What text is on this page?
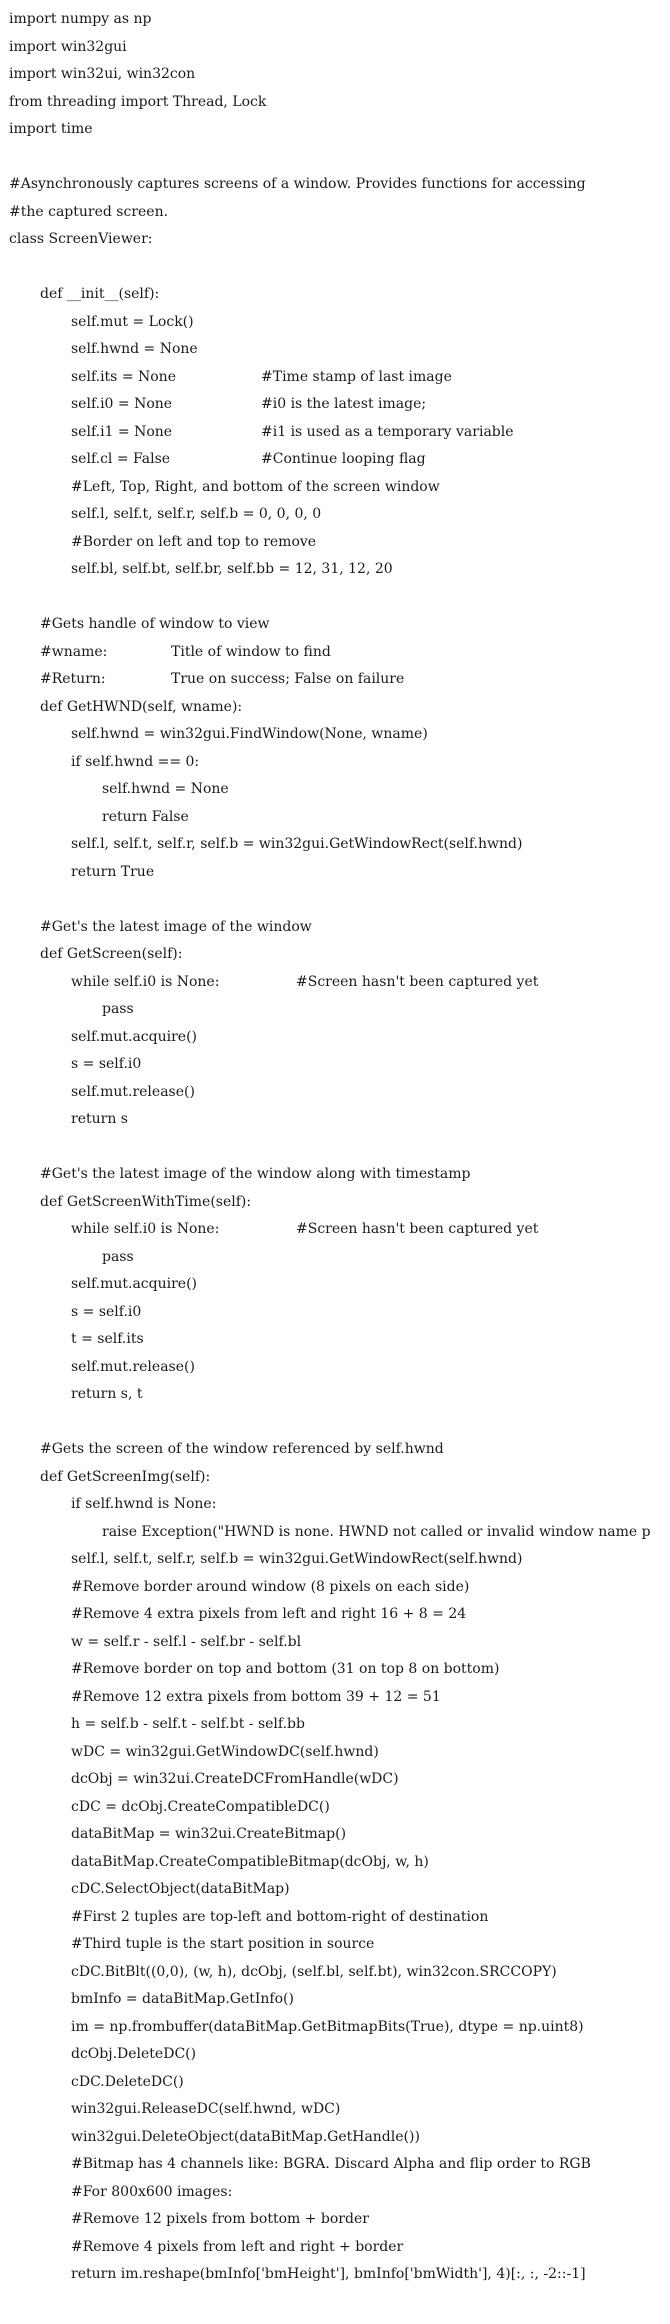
import numpy as np
import win32gui
import win32ui, win32con
from threading import Thread, Lock
import time
#Asynchronously captures screens of a window. Provides functions for accessing
#the captured screen.
class ScreenViewer:
def __init__(self):
self.mut = Lock()
self.hwnd = None
self.its = None	#Time stamp of last image
self.i0 = None	#i0 is the latest image;
self.i1 = None	#i1 is used as a temporary variable
self.cl = False	#Continue looping flag
#Left, Top, Right, and bottom of the screen window
self.l, self.t, self.r, self.b = 0, 0, 0, 0
#Border on left and top to remove
self.bl, self.bt, self.br, self.bb = 12, 31, 12, 20
#Gets handle of window to view
#wname:	Title of window to find
#Return:	True on success; False on failure
def GetHWND(self, wname):
self.hwnd = win32gui.FindWindow(None, wname)
if self.hwnd == 0:
self.hwnd = None
return False
self.l, self.t, self.r, self.b = win32gui.GetWindowRect(self.hwnd)
return True
#Get's the latest image of the window
def GetScreen(self):
while self.i0 is None:	#Screen hasn't been captured yet
pass
self.mut.acquire()
s = self.i0
self.mut.release()
return s
#Get's the latest image of the window along with timestamp
def GetScreenWithTime(self):
while self.i0 is None:	#Screen hasn't been captured yet
pass
self.mut.acquire()
s = self.i0
t = self.its
self.mut.release()
return s, t
#Gets the screen of the window referenced by self.hwnd
def GetScreenImg(self):
if self.hwnd is None:
raise Exception("HWND is none. HWND not called or invalid window name p
self.l, self.t, self.r, self.b = win32gui.GetWindowRect(self.hwnd)
#Remove border around window (8 pixels on each side)
#Remove 4 extra pixels from left and right 16 + 8 = 24
w = self.r - self.l - self.br - self.bl
#Remove border on top and bottom (31 on top 8 on bottom)
#Remove 12 extra pixels from bottom 39 + 12 = 51
h = self.b - self.t - self.bt - self.bb
wDC = win32gui.GetWindowDC(self.hwnd)
dcObj = win32ui.CreateDCFromHandle(wDC)
cDC = dcObj.CreateCompatibleDC()
dataBitMap = win32ui.CreateBitmap()
dataBitMap.CreateCompatibleBitmap(dcObj, w, h)
cDC.SelectObject(dataBitMap)
#First 2 tuples are top-left and bottom-right of destination
#Third tuple is the start position in source
cDC.BitBlt((0,0), (w, h), dcObj, (self.bl, self.bt), win32con.SRCCOPY)
bmInfo = dataBitMap.GetInfo()
im = np.frombuffer(dataBitMap.GetBitmapBits(True), dtype = np.uint8)
dcObj.DeleteDC()
cDC.DeleteDC()
win32gui.ReleaseDC(self.hwnd, wDC)
win32gui.DeleteObject(dataBitMap.GetHandle())
#Bitmap has 4 channels like: BGRA. Discard Alpha and flip order to RGB
#For 800x600 images:
#Remove 12 pixels from bottom + border
#Remove 4 pixels from left and right + border
return im.reshape(bmInfo['bmHeight'], bmInfo['bmWidth'], 4)[:, :, -2::-1]
